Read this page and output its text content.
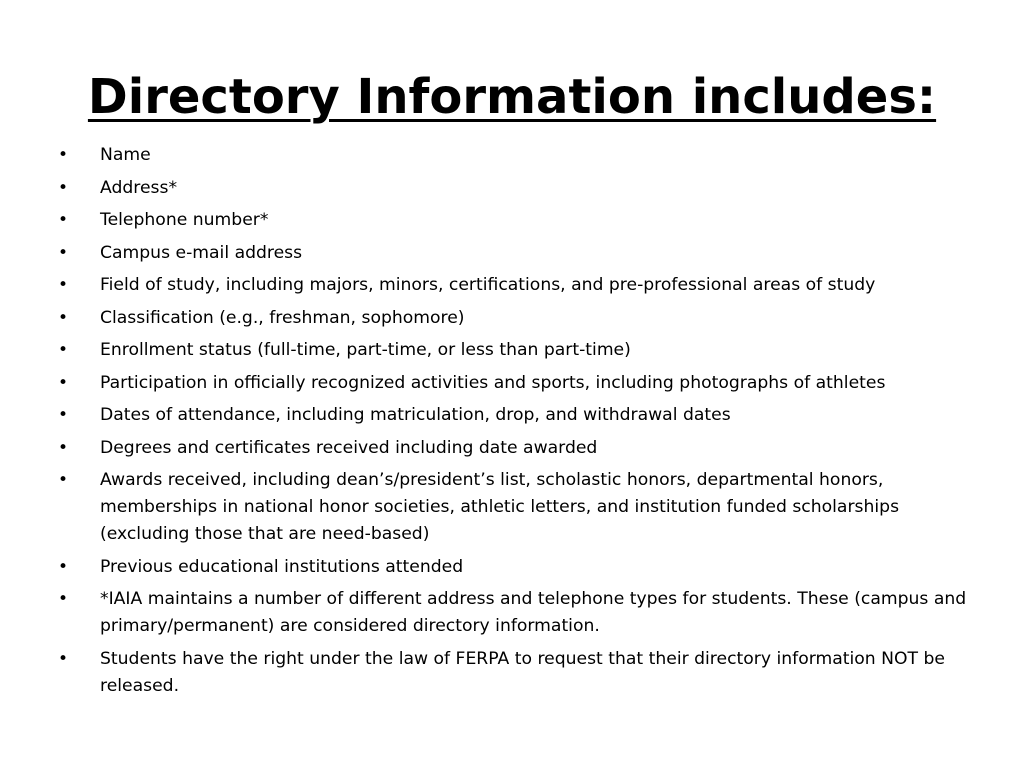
Directory Information includes:
•	Name
•	Address*
•	Telephone number*
•	Campus e-mail address
•	Field of study, including majors, minors, certifications, and pre-professional areas of study
•	Classification (e.g., freshman, sophomore)
•	Enrollment status (full-time, part-time, or less than part-time)
•	Participation in officially recognized activities and sports, including photographs of athletes
•	Dates of attendance, including matriculation, drop, and withdrawal dates
•	Degrees and certificates received including date awarded
•	Awards received, including dean’s/president’s list, scholastic honors, departmental honors, memberships in national honor societies, athletic letters, and institution funded scholarships (excluding those that are need-based)
•	Previous educational institutions attended
•	*IAIA maintains a number of different address and telephone types for students. These (campus and primary/permanent) are considered directory information.
•	Students have the right under the law of FERPA to request that their directory information NOT be released.
